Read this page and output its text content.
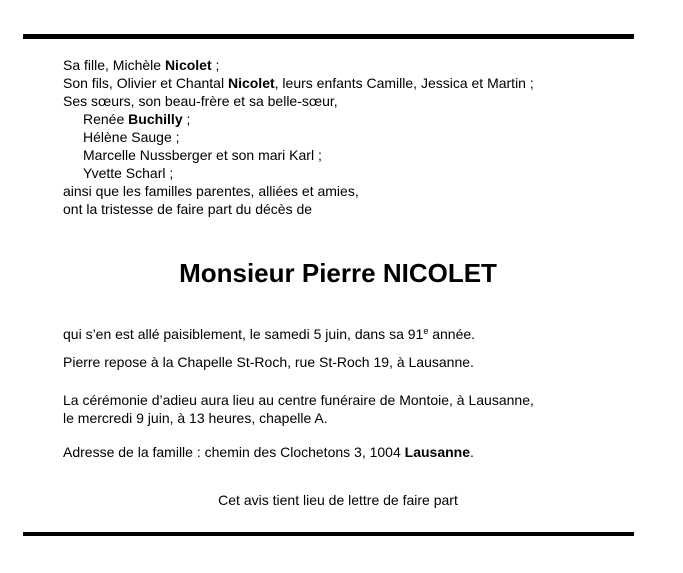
Sa fille, Michèle Nicolet ;
Son fils, Olivier et Chantal Nicolet, leurs enfants Camille, Jessica et Martin ;
Ses sœurs, son beau-frère et sa belle-sœur,
Renée Buchilly ;
Hélène Sauge ;
Marcelle Nussberger et son mari Karl ;
Yvette Scharl ;
ainsi que les familles parentes, alliées et amies,
ont la tristesse de faire part du décès de
Monsieur Pierre NICOLET
qui s’en est allé paisiblement, le samedi 5 juin, dans sa 91e année.
Pierre repose à la Chapelle St-Roch, rue St-Roch 19, à Lausanne.
La cérémonie d’adieu aura lieu au centre funéraire de Montoie, à Lausanne,
le mercredi 9 juin, à 13 heures, chapelle A.
Adresse de la famille : chemin des Clochetons 3, 1004 Lausanne.
Cet avis tient lieu de lettre de faire part
